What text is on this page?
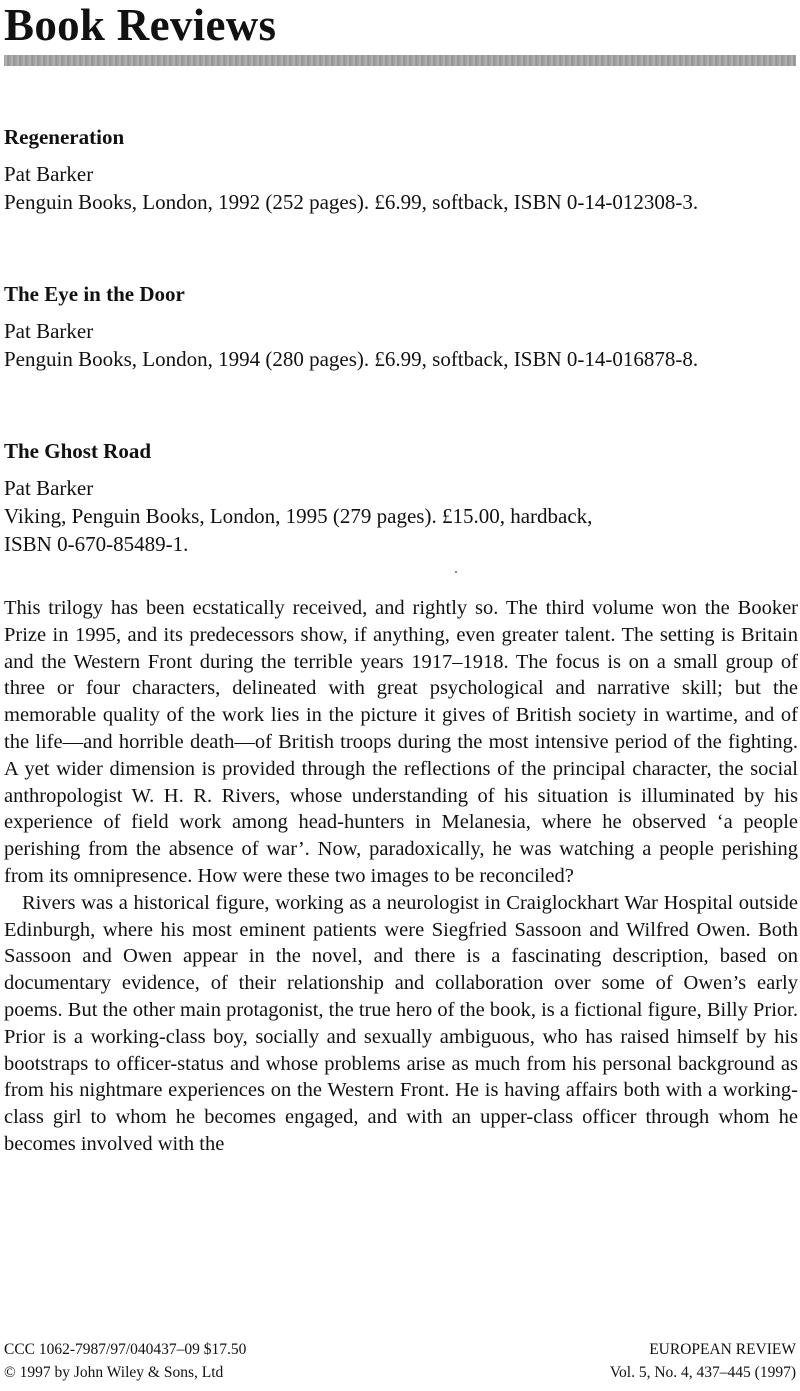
Book Reviews

Regeneration

Pat Barker

Penguin Books, London, 1992 (252 pages). £6.99, softback, ISBN 0-14-012308-3.

The Eye in the Door

Pat Barker

Penguin Books, London, 1994 (280 pages). £6.99, softback, ISBN 0-14-016878-8.

The Ghost Road

Pat Barker

Viking, Penguin Books, London, 1995 (279 pages). £15.00, hardback,

ISBN 0-670-85489-1.

This trilogy has been ecstatically received, and rightly so. The third volume won the Booker Prize in 1995, and its predecessors show, if anything, even greater talent. The setting is Britain and the Western Front during the terrible years 1917–1918. The focus is on a small group of three or four characters, delineated with great psychological and narrative skill; but the memorable quality of the work lies in the picture it gives of British society in wartime, and of the life—and horrible death—of British troops during the most intensive period of the fighting. A yet wider dimension is provided through the reflections of the principal character, the social anthropologist W. H. R. Rivers, whose understanding of his situation is illuminated by his experience of field work among head-hunters in Melanesia, where he observed ‘a people perishing from the absence of war’. Now, paradoxically, he was watching a people perishing from its omnipresence. How were these two images to be reconciled?

Rivers was a historical figure, working as a neurologist in Craiglockhart War Hospital outside Edinburgh, where his most eminent patients were Siegfried Sassoon and Wilfred Owen. Both Sassoon and Owen appear in the novel, and there is a fascinating description, based on documentary evidence, of their relationship and collaboration over some of Owen’s early poems. But the other main protagonist, the true hero of the book, is a fictional figure, Billy Prior. Prior is a working-class boy, socially and sexually ambiguous, who has raised himself by his bootstraps to officer-status and whose problems arise as much from his personal background as from his nightmare experiences on the Western Front. He is having affairs both with a working-class girl to whom he becomes engaged, and with an upper-class officer through whom he becomes involved with the

CCC 1062-7987/97/040437–09 $17.50
© 1997 by John Wiley & Sons, Ltd
EUROPEAN REVIEW
Vol. 5, No. 4, 437–445 (1997)
